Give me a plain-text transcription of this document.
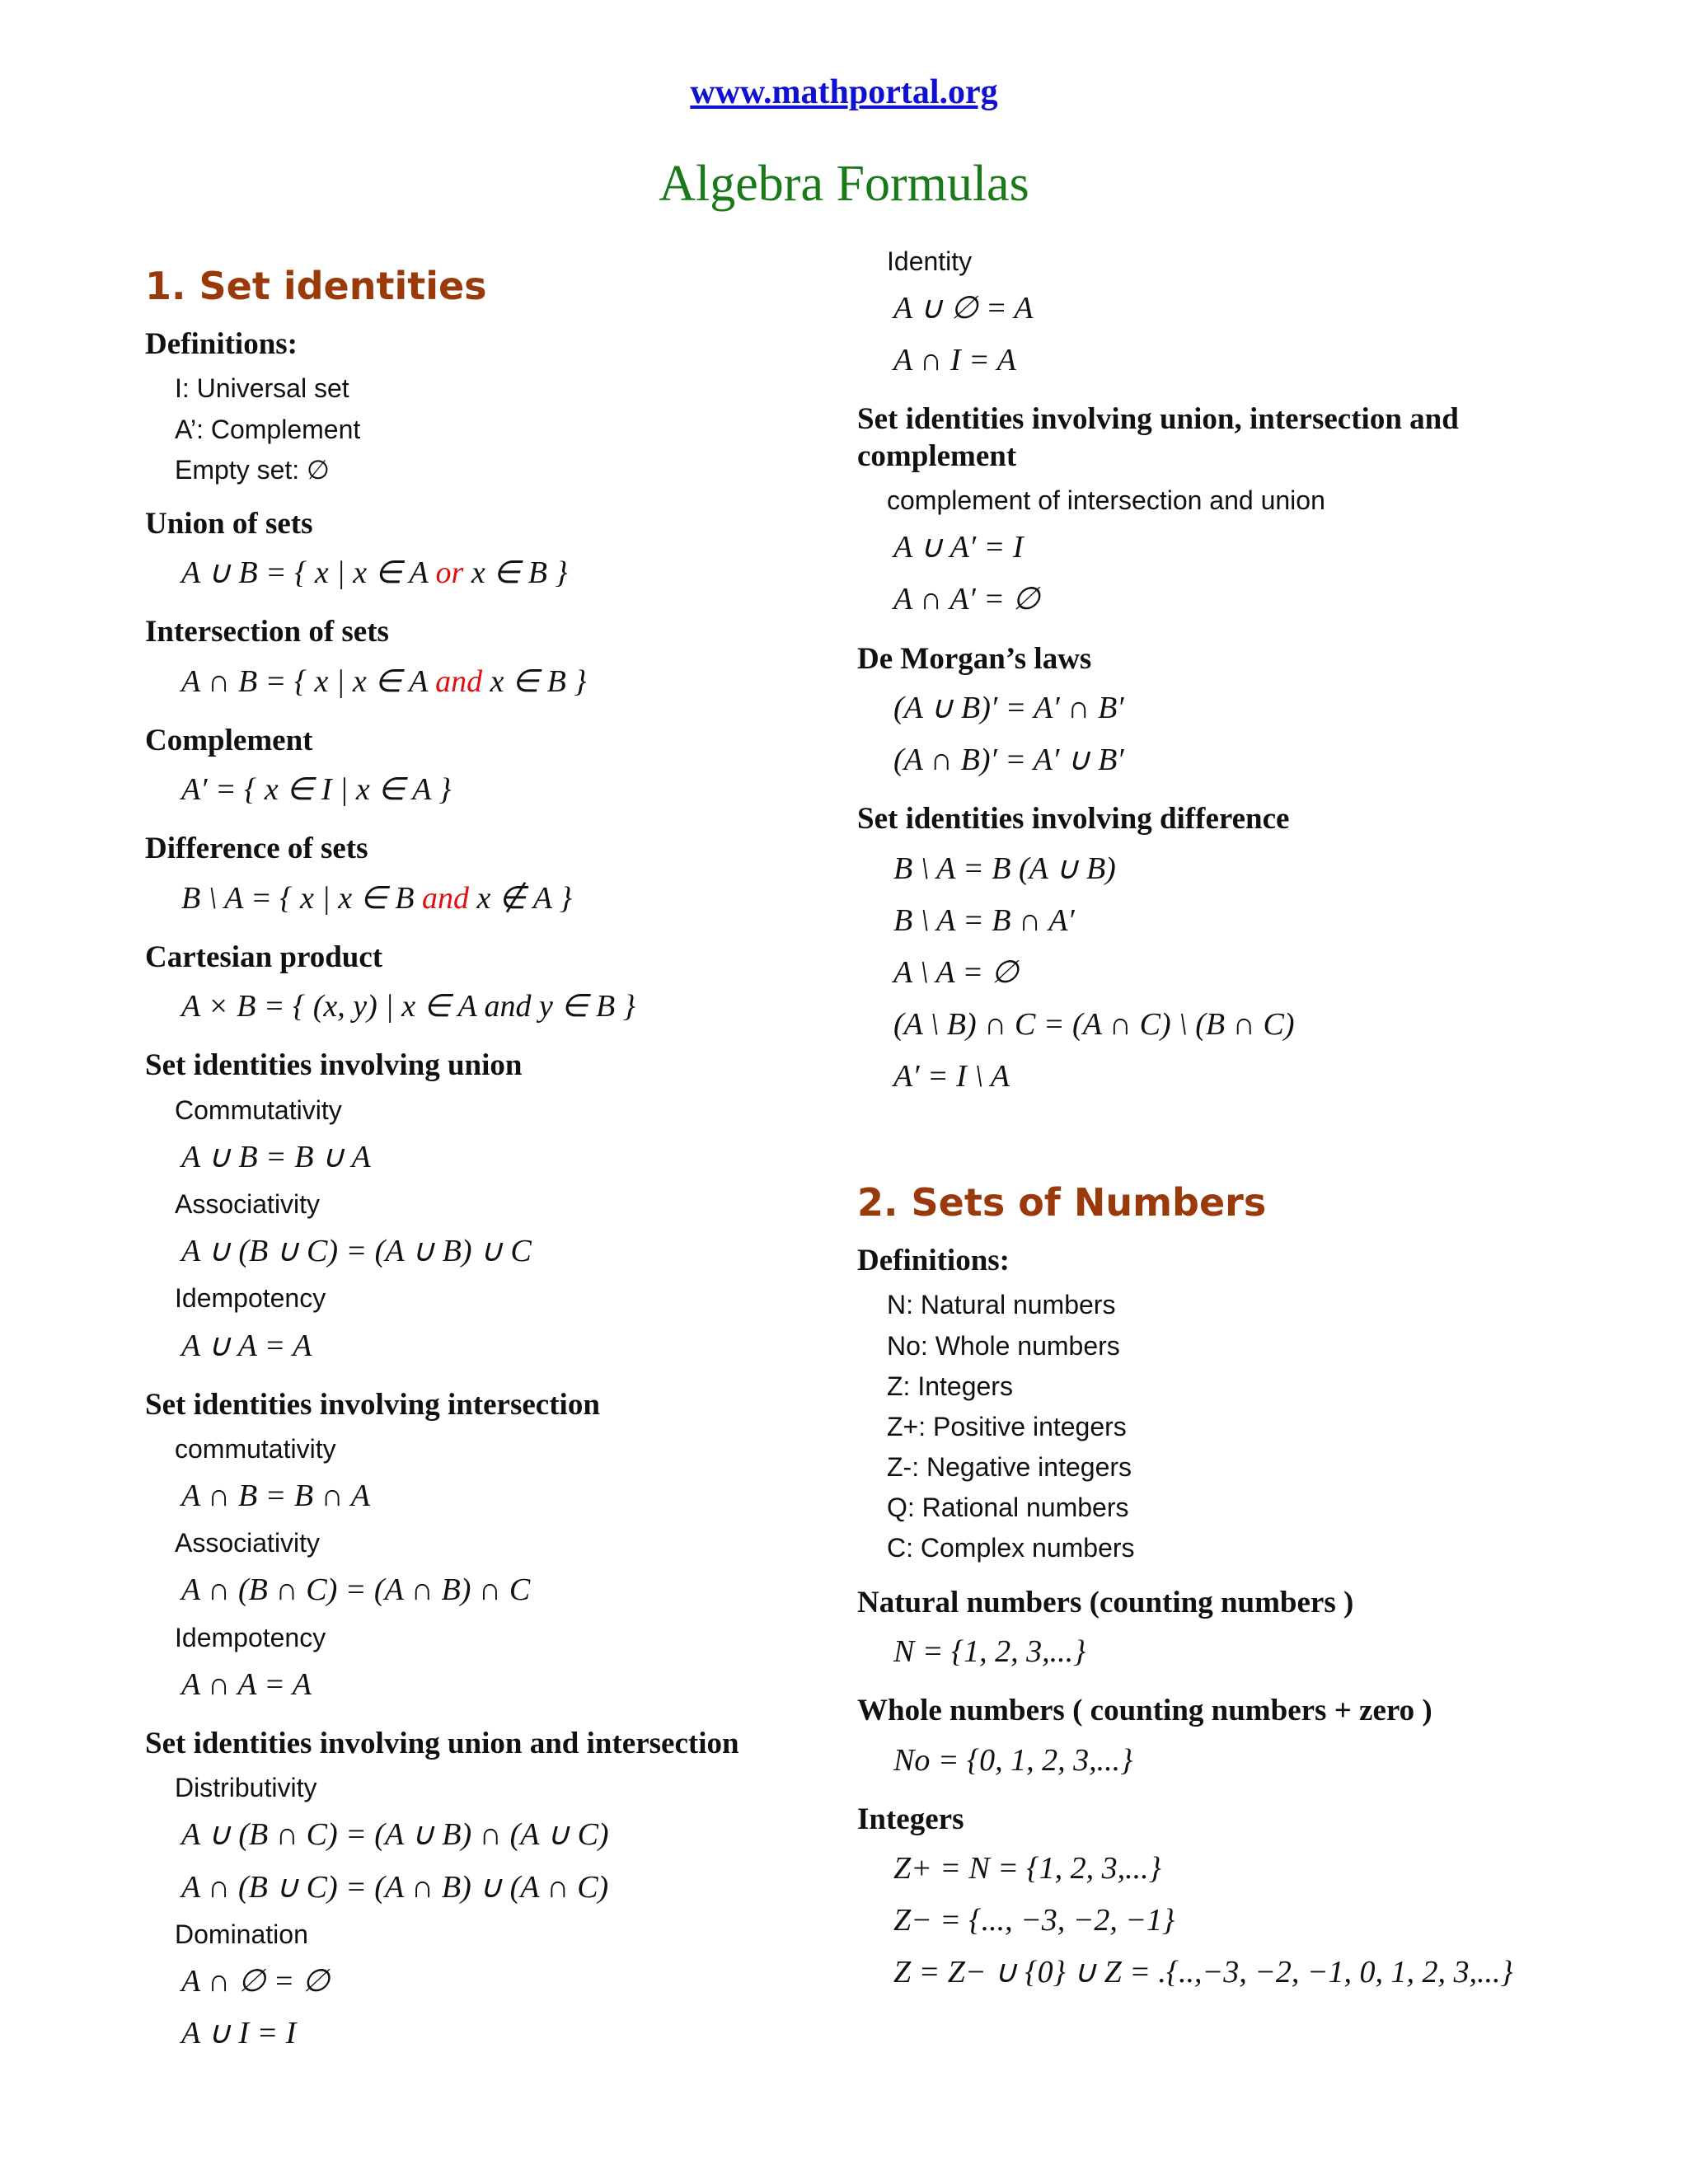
www.mathportal.org
Algebra Formulas
1. Set identities
Definitions:
I: Universal set
A’: Complement
Empty set: ∅
Union of sets
A ∪ B = { x | x ∈ A or x ∈ B }
Intersection of sets
A ∩ B = { x | x ∈ A and x ∈ B }
Complement
A′ = { x ∈ I | x ∈ A }
Difference of sets
B \ A = { x | x ∈ B and x ∉ A }
Cartesian product
A × B = { (x, y) | x ∈ A and y ∈ B }
Set identities involving union
Commutativity
A ∪ B = B ∪ A
Associativity
A ∪ (B ∪ C) = (A ∪ B) ∪ C
Idempotency
A ∪ A = A
Set identities involving intersection
commutativity
A ∩ B = B ∩ A
Associativity
A ∩ (B ∩ C) = (A ∩ B) ∩ C
Idempotency
A ∩ A = A
Set identities involving union and intersection
Distributivity
A ∪ (B ∩ C) = (A ∪ B) ∩ (A ∪ C)
A ∩ (B ∪ C) = (A ∩ B) ∪ (A ∩ C)
Domination
A ∩ ∅ = ∅
A ∪ I = I
Identity
A ∪ ∅ = A
A ∩ I = A
Set identities involving union, intersection and complement
complement of intersection and union
A ∪ A′ = I
A ∩ A′ = ∅
De Morgan’s laws
(A ∪ B)′ = A′ ∩ B′
(A ∩ B)′ = A′ ∪ B′
Set identities involving difference
B \ A = B (A ∪ B)
B \ A = B ∩ A′
A \ A = ∅
(A \ B) ∩ C = (A ∩ C) \ (B ∩ C)
A′ = I \ A
2. Sets of Numbers
Definitions:
N: Natural numbers
No: Whole numbers
Z: Integers
Z+: Positive integers
Z-: Negative integers
Q: Rational numbers
C: Complex numbers
Natural numbers (counting numbers )
N = {1, 2, 3,...}
Whole numbers ( counting numbers + zero )
No = {0, 1, 2, 3,...}
Integers
Z+ = N = {1, 2, 3,...}
Z− = {..., −3, −2, −1}
Z = Z− ∪ {0} ∪ Z = .{..,−3, −2, −1, 0, 1, 2, 3,...}
